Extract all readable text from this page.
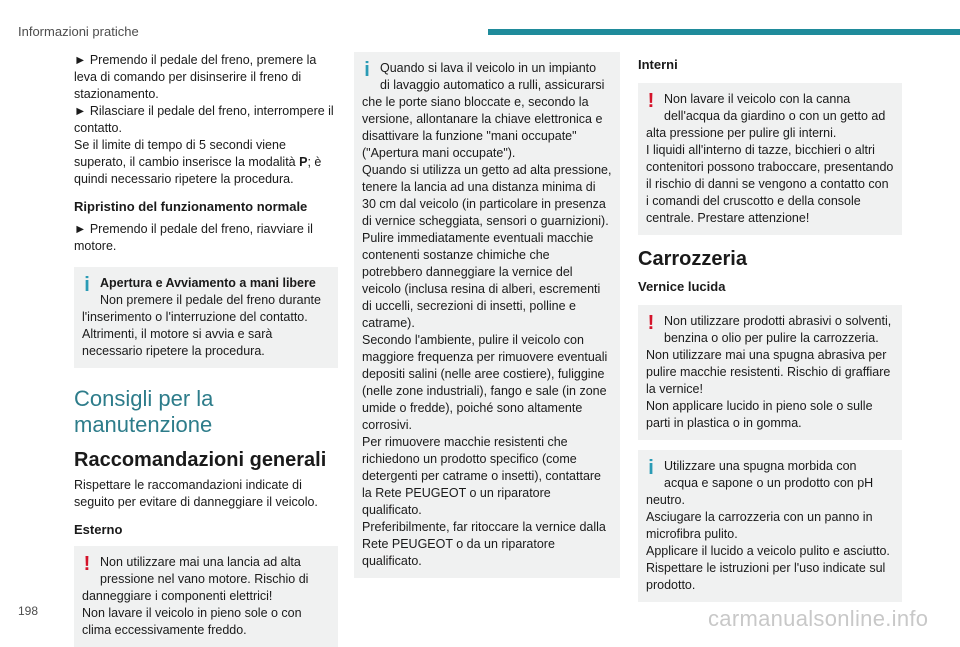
Informazioni pratiche

► Premendo il pedale del freno, premere la leva di comando per disinserire il freno di stazionamento.

► Rilasciare il pedale del freno, interrompere il contatto.

Se il limite di tempo di 5 secondi viene superato, il cambio inserisce la modalità P; è quindi necessario ripetere la procedura.

Ripristino del funzionamento normale

► Premendo il pedale del freno, riavviare il motore.

i Apertura e Avviamento a mani libere
Non premere il pedale del freno durante
l'inserimento o l'interruzione del contatto. Altrimenti, il motore si avvia e sarà necessario ripetere la procedura.
Consigli per la manutenzione
Raccomandazioni generali

Rispettare le raccomandazioni indicate di seguito per evitare di danneggiare il veicolo.

Esterno
! Non utilizzare mai una lancia ad alta
pressione nel vano motore. Rischio di
danneggiare i componenti elettrici!
Non lavare il veicolo in pieno sole o con clima eccessivamente freddo.
i Quando si lava il veicolo in un impianto
di lavaggio automatico a rulli, assicurarsi
che le porte siano bloccate e, secondo la versione, allontanare la chiave elettronica e disattivare la funzione "mani occupate" ("Apertura mani occupate").
Quando si utilizza un getto ad alta pressione, tenere la lancia ad una distanza minima di 30 cm dal veicolo (in particolare in presenza di vernice scheggiata, sensori o guarnizioni).
Pulire immediatamente eventuali macchie contenenti sostanze chimiche che potrebbero danneggiare la vernice del veicolo (inclusa resina di alberi, escrementi di uccelli, secrezioni di insetti, polline e catrame).
Secondo l'ambiente, pulire il veicolo con maggiore frequenza per rimuovere eventuali depositi salini (nelle aree costiere), fuliggine (nelle zone industriali), fango e sale (in zone umide o fredde), poiché sono altamente corrosivi.
Per rimuovere macchie resistenti che richiedono un prodotto specifico (come detergenti per catrame o insetti), contattare la Rete PEUGEOT o un riparatore qualificato.
Preferibilmente, far ritoccare la vernice dalla Rete PEUGEOT o da un riparatore qualificato.
Interni
! Non lavare il veicolo con la canna
dell'acqua da giardino o con un getto ad
alta pressione per pulire gli interni.
I liquidi all'interno di tazze, bicchieri o altri contenitori possono traboccare, presentando il rischio di danni se vengono a contatto con i comandi del cruscotto e della console centrale. Prestare attenzione!
Carrozzeria
Vernice lucida
! Non utilizzare prodotti abrasivi o solventi,
benzina o olio per pulire la carrozzeria.
Non utilizzare mai una spugna abrasiva per pulire macchie resistenti. Rischio di graffiare la vernice!
Non applicare lucido in pieno sole o sulle parti in plastica o in gomma.
i Utilizzare una spugna morbida con
acqua e sapone o un prodotto con pH
neutro.
Asciugare la carrozzeria con un panno in microfibra pulito.
Applicare il lucido a veicolo pulito e asciutto.
Rispettare le istruzioni per l'uso indicate sul prodotto.
198	carmanualsonline.info
